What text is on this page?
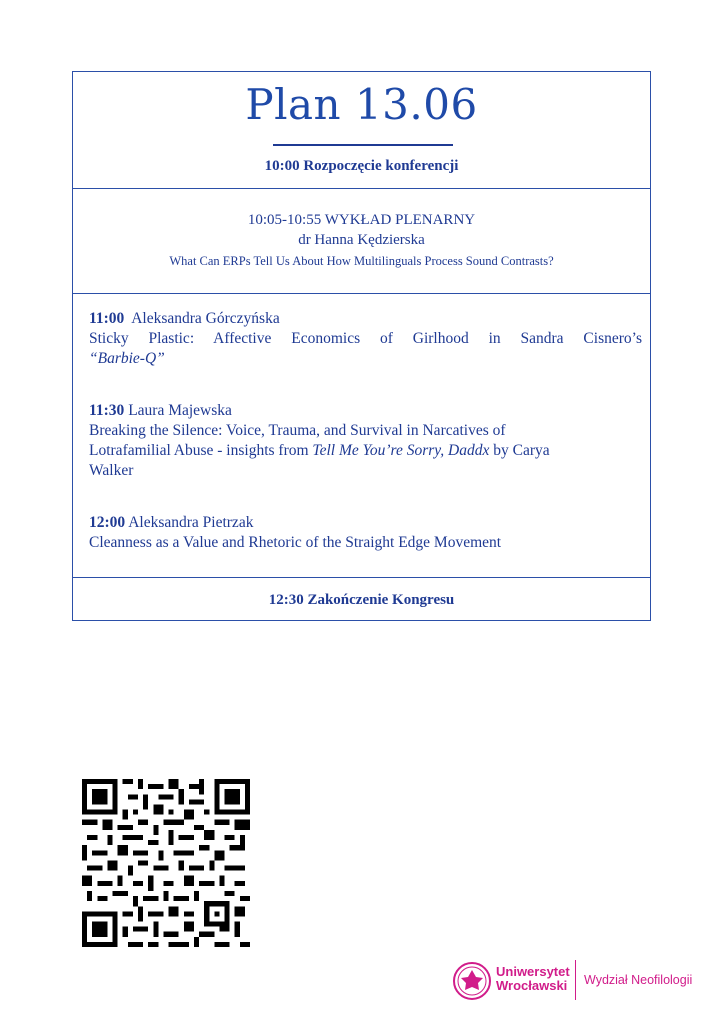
Plan 13.06
10:00 Rozpoczęcie konferencji
10:05-10:55 WYKŁAD PLENARNY
dr Hanna Kędzierska
What Can ERPs Tell Us About How Multilinguals Process Sound Contrasts?
11:00 Aleksandra Górczyńska
Sticky Plastic: Affective Economics of Girlhood in Sandra Cisnero’s
“Barbie-Q”
11:30 Laura Majewska
Breaking the Silence: Voice, Trauma, and Survival in Narcatives of
Lotrafamilial Abuse - insights from Tell Me You’re Sorry, Daddx by Carya
Walker
12:00 Aleksandra Pietrzak
Cleanness as a Value and Rhetoric of the Straight Edge Movement
12:30 Zakończenie Kongresu
Uniwersytet
Wrocławski Wydział Neofilologii
